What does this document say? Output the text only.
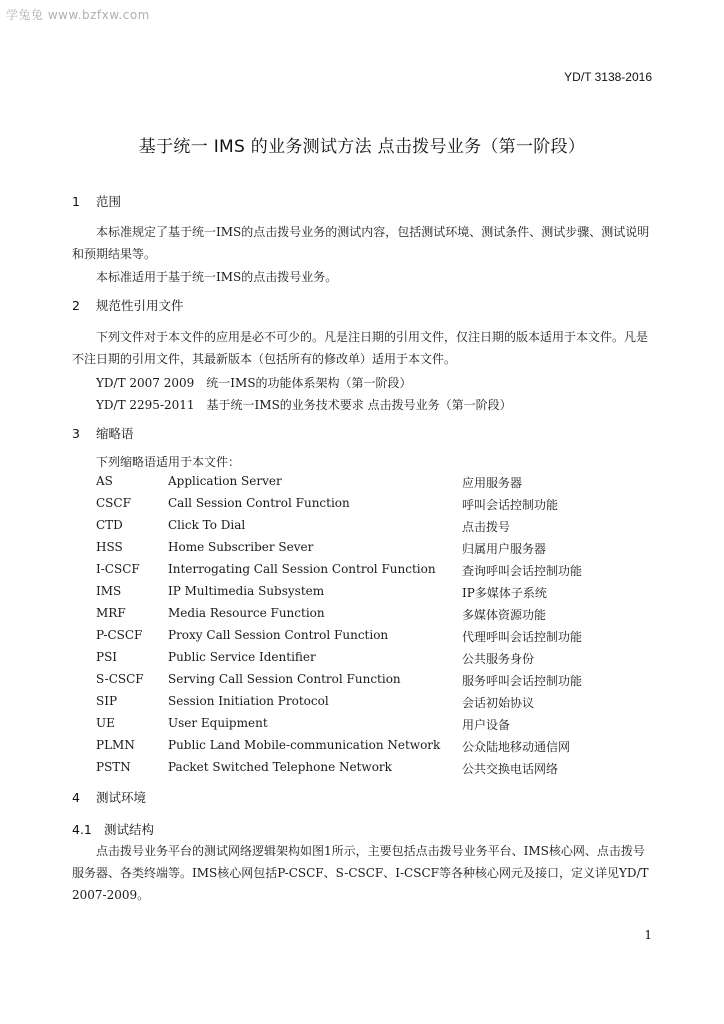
学兔兔 www.bzfxw.com
YD/T 3138-2016
基于统一 IMS 的业务测试方法 点击拨号业务（第一阶段）
1 范围
本标准规定了基于统一IMS的点击拨号业务的测试内容，包括测试环境、测试条件、测试步骤、测试说明和预期结果等。
本标准适用于基于统一IMS的点击拨号业务。
2 规范性引用文件
下列文件对于本文件的应用是必不可少的。凡是注日期的引用文件，仅注日期的版本适用于本文件。凡是不注日期的引用文件，其最新版本（包括所有的修改单）适用于本文件。
YD/T 2007 2009　统一IMS的功能体系架构（第一阶段）
YD/T 2295-2011　基于统一IMS的业务技术要求 点击拨号业务（第一阶段）
3 缩略语
下列缩略语适用于本文件：
AS	Application Server	应用服务器
CSCF	Call Session Control Function	呼叫会话控制功能
CTD	Click To Dial	点击拨号
HSS	Home Subscriber Sever	归属用户服务器
I-CSCF Interrogating Call Session Control Function 查询呼叫会话控制功能
IMS	IP Multimedia Subsystem	IP多媒体子系统
MRF	Media Resource Function	多媒体资源功能
P-CSCF Proxy Call Session Control Function	代理呼叫会话控制功能
PSI	Public Service Identifier	公共服务身份
S-CSCF Serving Call Session Control Function	服务呼叫会话控制功能
SIP	Session Initiation Protocol	会话初始协议
UE	User Equipment	用户设备
PLMN	Public Land Mobile-communication Network 公众陆地移动通信网
PSTN	Packet Switched Telephone Network	公共交换电话网络
4 测试环境
4.1 测试结构
点击拨号业务平台的测试网络逻辑架构如图1所示，主要包括点击拨号业务平台、IMS核心网、点击拨号服务器、各类终端等。IMS核心网包括P-CSCF、S-CSCF、I-CSCF等各种核心网元及接口，定义详见YD/T 2007-2009。
1
